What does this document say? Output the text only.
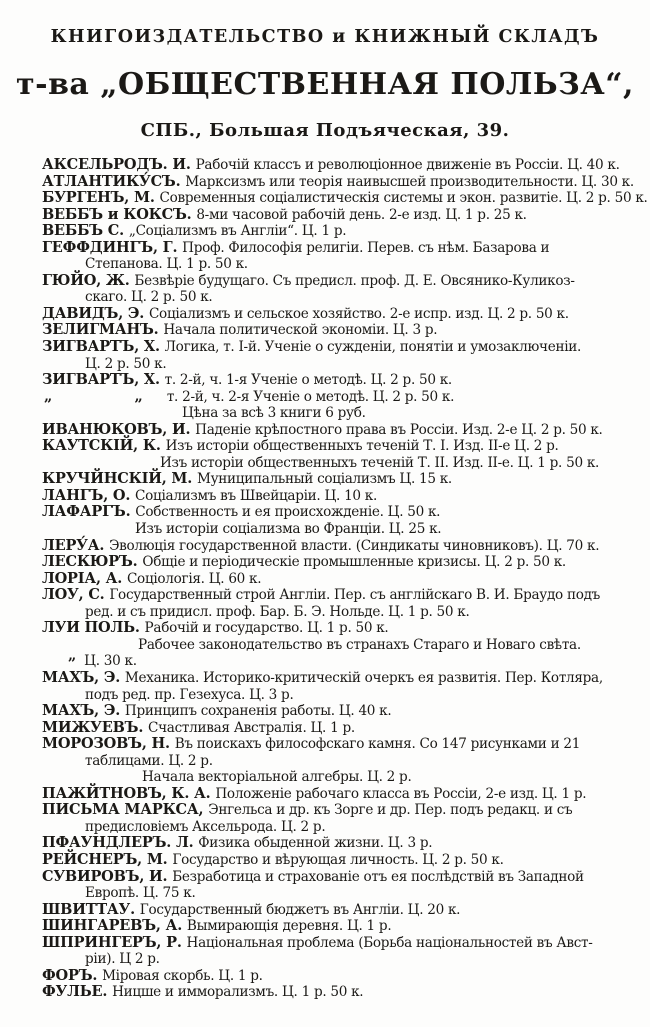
КНИГОИЗДАТЕЛЬСТВО и КНИЖНЫЙ СКЛАДЪ
т-ва „ОБЩЕСТВЕННАЯ ПОЛЬЗА“,
СПБ., Большая Подъяческая, 39.
АКСЕЛЬРОДЪ. И. Рабочій классъ и революціонное движеніе въ Россіи. Ц. 40 к.
АТЛАНТИКУ́СЪ. Марксизмъ или теорія наивысшей производительности. Ц. 30 к.
БУРГЕНЪ, М. Современныя соціалистическія системы и экон. развитіе. Ц. 2 р. 50 к.
ВЕББЪ и КОКСЪ. 8-ми часовой рабочій день. 2-е изд. Ц. 1 р. 25 к.
ВЕББЪ С. „Соціализмъ въ Англіи“. Ц. 1 р.
ГЕФФДИНГЪ, Г. Проф. Философія религіи. Перев. съ нѣм. Базарова и
Степанова. Ц. 1 р. 50 к.
ГЮЙО, Ж. Безвѣріе будущаго. Съ предисл. проф. Д. Е. Овсянико-Куликоз-
скаго. Ц. 2 р. 50 к.
ДАВИДЪ, Э. Соціализмъ и сельское хозяйство. 2-е испр. изд. Ц. 2 р. 50 к.
ЗЕЛИГМАНЪ. Начала политической экономіи. Ц. 3 р.
ЗИГВАРТЪ, Х. Логика, т. I-й. Ученіе о сужденіи, понятіи и умозаключеніи.
Ц. 2 р. 50 к.
ЗИГВАРТЪ, Х. т. 2-й, ч. 1-я Ученіе о методѣ. Ц. 2 р. 50 к.
„                 „      т. 2-й, ч. 2-я Ученіе о методѣ. Ц. 2 р. 50 к.
Цѣна за всѣ 3 книги 6 руб.
ИВАНЮКОВЪ, И. Паденіе крѣпостного права въ Россіи. Изд. 2-е Ц. 2 р. 50 к.
КАУТСКІЙ, К. Изъ исторіи общественныхъ теченій Т. I. Изд. II-е Ц. 2 р.
Изъ исторіи общественныхъ теченій Т. II. Изд. II-е. Ц. 1 р. 50 к.
КРУЧЙНСКІЙ, М. Муниципальный соціализмъ Ц. 15 к.
ЛАНГЪ, О. Соціализмъ въ Швейцаріи. Ц. 10 к.
ЛАФАРГЪ. Собственность и ея происхожденіе. Ц. 50 к.
Изъ исторіи соціализма во Франціи. Ц. 25 к.
ЛЕРУ́А. Эволюція государственной власти. (Синдикаты чиновниковъ). Ц. 70 к.
ЛЕСКЮРЪ. Общіе и періодическіе промышленные кризисы. Ц. 2 р. 50 к.
ЛОРІА, А. Соціологія. Ц. 60 к.
ЛОУ, С. Государственный строй Англіи. Пер. съ англійскаго В. И. Браудо подъ
ред. и съ придисл. проф. Бар. Б. Э. Нольде. Ц. 1 р. 50 к.
ЛУИ ПОЛЬ. Рабочій и государство. Ц. 1 р. 50 к.
Рабочее законодательство въ странахъ Стараго и Новаго свѣта.
„  Ц. 30 к.
МАХЪ, Э. Механика. Историко-критическій очеркъ ея развитія. Пер. Котляра,
подъ ред. пр. Гезехуса. Ц. 3 р.
МАХЪ, Э. Принципъ сохраненія работы. Ц. 40 к.
МИЖУЕВЪ. Счастливая Австралія. Ц. 1 р.
МОРОЗОВЪ, Н. Въ поискахъ философскаго камня. Со 147 рисунками и 21
таблицами. Ц. 2 р.
Начала векторіальной алгебры. Ц. 2 р.
ПАЖЙТНОВЪ, К. А. Положеніе рабочаго класса въ Россіи, 2-е изд. Ц. 1 р.
ПИСЬМА МАРКСА, Энгельса и др. къ Зорге и др. Пер. подъ редакц. и съ
предисловіемъ Аксельрода. Ц. 2 р.
ПФАУНДЛЕРЪ. Л. Физика обыденной жизни. Ц. 3 р.
РЕЙСНЕРЪ, М. Государство и вѣрующая личность. Ц. 2 р. 50 к.
СУВИРОВЪ, И. Безработица и страхованіе отъ ея послѣдствій въ Западной
Европѣ. Ц. 75 к.
ШВИТТАУ. Государственный бюджетъ въ Англіи. Ц. 20 к.
ШИНГАРЕВЪ, А. Вымирающія деревня. Ц. 1 р.
ШПРИНГЕРЪ, Р. Національная проблема (Борьба національностей въ Авст-
ріи). Ц 2 р.
ФОРЪ. Міровая скорбь. Ц. 1 р.
ФУЛЬЕ. Ницше и имморализмъ. Ц. 1 р. 50 к.
